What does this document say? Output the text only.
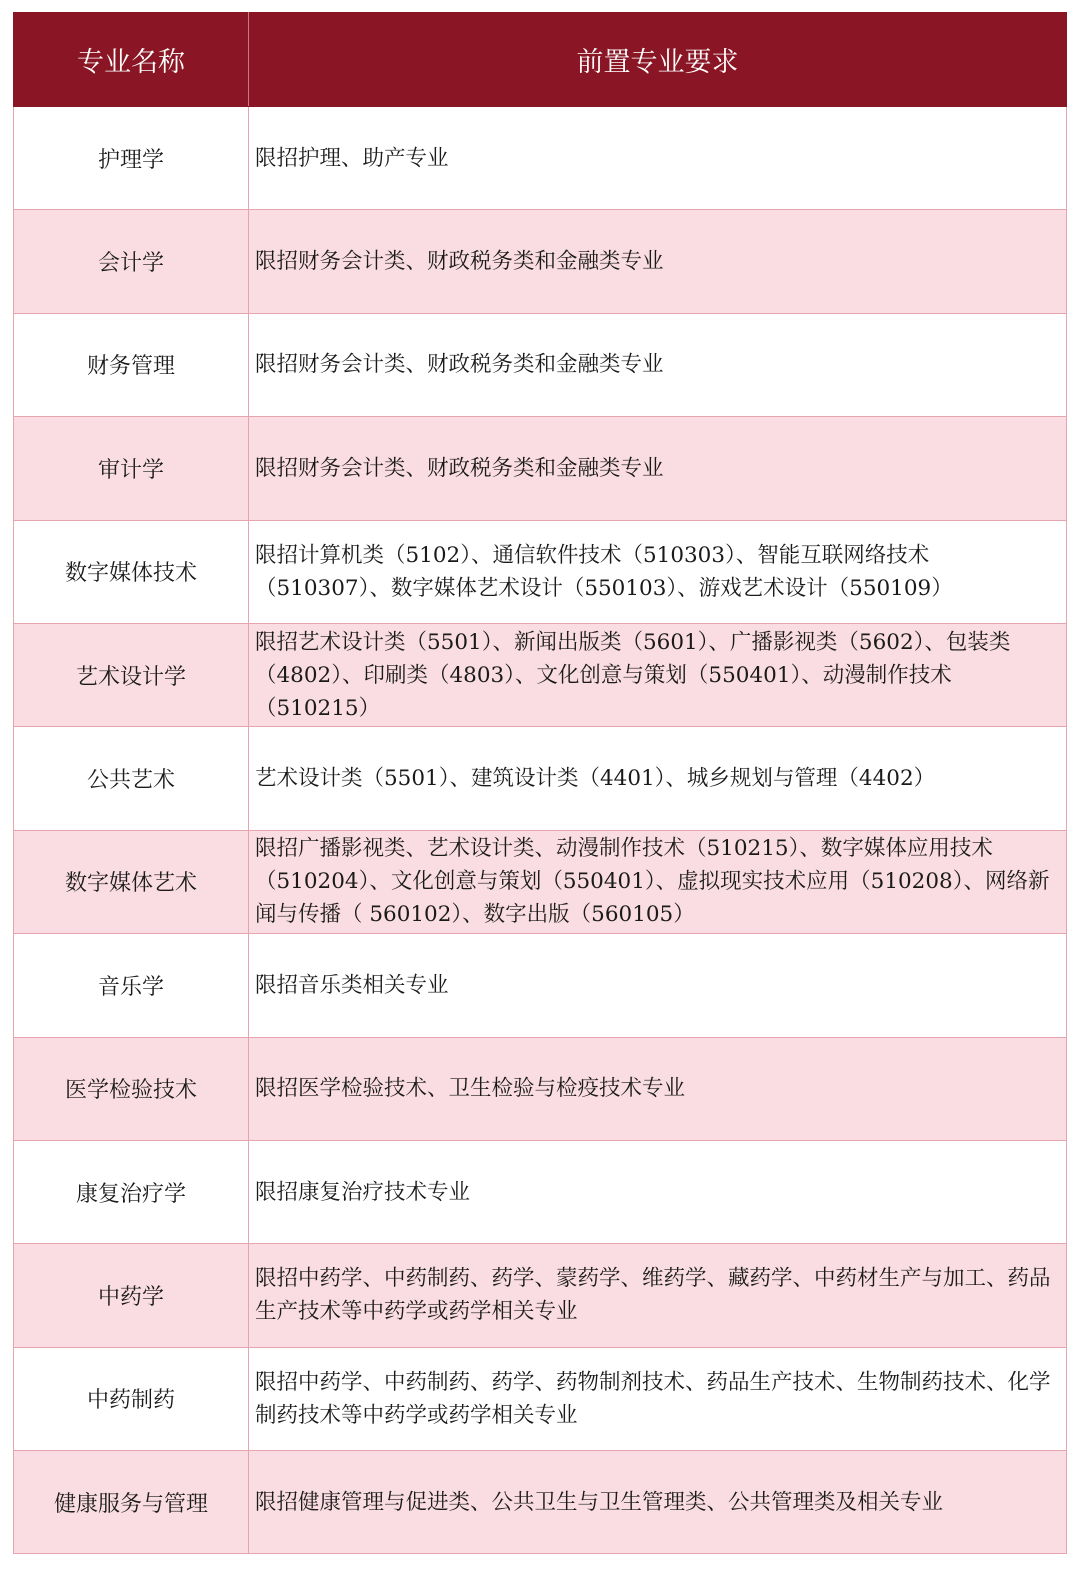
专业名称	前置专业要求
护理学	限招护理、助产专业
会计学	限招财务会计类、财政税务类和金融类专业
财务管理	限招财务会计类、财政税务类和金融类专业
审计学	限招财务会计类、财政税务类和金融类专业
数字媒体技术	限招计算机类（5102）、通信软件技术（510303）、智能互联网络技术（510307）、数字媒体艺术设计（550103）、游戏艺术设计（550109）
艺术设计学	限招艺术设计类（5501）、新闻出版类（5601）、广播影视类（5602）、包装类（4802）、印刷类（4803）、文化创意与策划（550401）、动漫制作技术（510215）
公共艺术	艺术设计类（5501）、建筑设计类（4401）、城乡规划与管理（4402）
数字媒体艺术	限招广播影视类、艺术设计类、动漫制作技术（510215）、数字媒体应用技术（510204）、文化创意与策划（550401）、虚拟现实技术应用（510208）、网络新闻与传播（ 560102）、数字出版（560105）
音乐学	限招音乐类相关专业
医学检验技术	限招医学检验技术、卫生检验与检疫技术专业
康复治疗学	限招康复治疗技术专业
中药学	限招中药学、中药制药、药学、蒙药学、维药学、藏药学、中药材生产与加工、药品生产技术等中药学或药学相关专业
中药制药	限招中药学、中药制药、药学、药物制剂技术、药品生产技术、生物制药技术、化学制药技术等中药学或药学相关专业
健康服务与管理	限招健康管理与促进类、公共卫生与卫生管理类、公共管理类及相关专业
